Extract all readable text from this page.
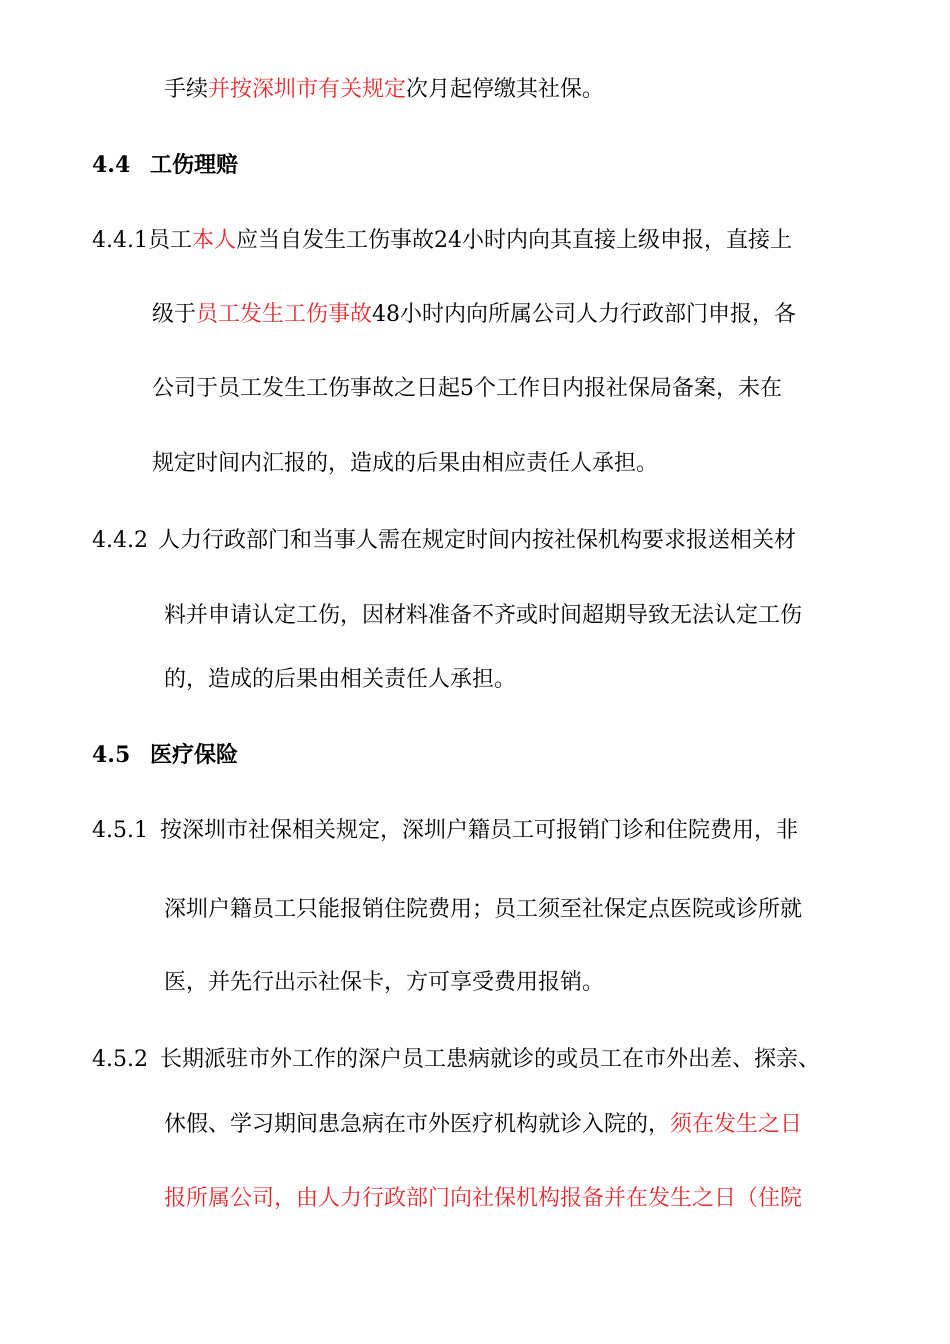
手续并按深圳市有关规定次月起停缴其社保。
4.4 工伤理赔
4.4.1员工本人应当自发生工伤事故24小时内向其直接上级申报，直接上
级于员工发生工伤事故48小时内向所属公司人力行政部门申报，各
公司于员工发生工伤事故之日起5个工作日内报社保局备案，未在
规定时间内汇报的，造成的后果由相应责任人承担。
4.4.2 人力行政部门和当事人需在规定时间内按社保机构要求报送相关材
料并申请认定工伤，因材料准备不齐或时间超期导致无法认定工伤
的，造成的后果由相关责任人承担。
4.5 医疗保险
4.5.1 按深圳市社保相关规定，深圳户籍员工可报销门诊和住院费用，非
深圳户籍员工只能报销住院费用；员工须至社保定点医院或诊所就
医，并先行出示社保卡，方可享受费用报销。
4.5.2 长期派驻市外工作的深户员工患病就诊的或员工在市外出差、探亲、
休假、学习期间患急病在市外医疗机构就诊入院的，须在发生之日
报所属公司，由人力行政部门向社保机构报备并在发生之日（住院
